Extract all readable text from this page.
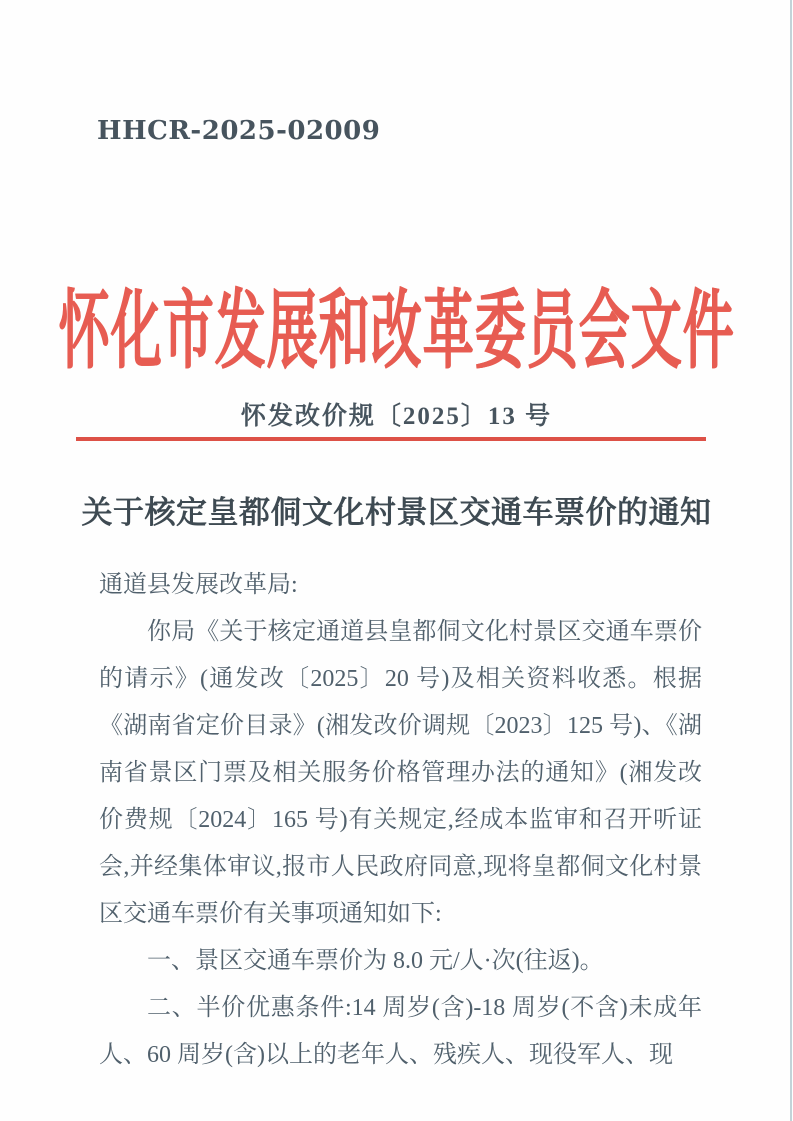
HHCR-2025-02009
怀化市发展和改革委员会文件
怀发改价规〔2025〕13 号
关于核定皇都侗文化村景区交通车票价的通知

通道县发展改革局:

你局《关于核定通道县皇都侗文化村景区交通车票价的请示》(通发改〔2025〕20 号)及相关资料收悉。根据《湖南省定价目录》(湘发改价调规〔2023〕125 号)、《湖南省景区门票及相关服务价格管理办法的通知》(湘发改价费规〔2024〕165 号)有关规定,经成本监审和召开听证会,并经集体审议,报市人民政府同意,现将皇都侗文化村景区交通车票价有关事项通知如下:

一、景区交通车票价为 8.0 元/人·次(往返)。

二、半价优惠条件:14 周岁(含)-18 周岁(不含)未成年人、60 周岁(含)以上的老年人、残疾人、现役军人、现
